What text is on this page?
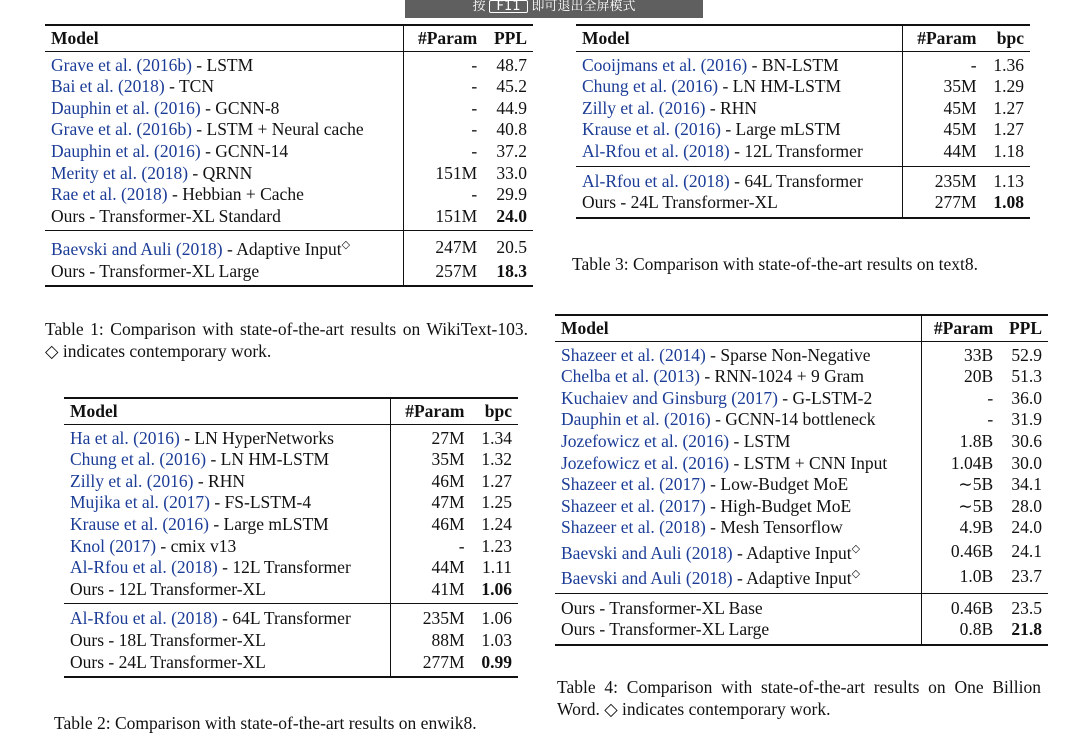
按 F11 即可退出全屏模式
Model	#Param	PPL
Grave et al. (2016b) - LSTM	-	48.7
Bai et al. (2018) - TCN	-	45.2
Dauphin et al. (2016) - GCNN-8	-	44.9
Grave et al. (2016b) - LSTM + Neural cache	-	40.8
Dauphin et al. (2016) - GCNN-14	-	37.2
Merity et al. (2018) - QRNN	151M	33.0
Rae et al. (2018) - Hebbian + Cache	-	29.9
Ours - Transformer-XL Standard	151M	24.0
Baevski and Auli (2018) - Adaptive Input◇	247M	20.5
Ours - Transformer-XL Large	257M	18.3
Table 1: Comparison with state-of-the-art results on WikiText-103. ◇ indicates contemporary work.
Model	#Param	bpc
Ha et al. (2016) - LN HyperNetworks	27M	1.34
Chung et al. (2016) - LN HM-LSTM	35M	1.32
Zilly et al. (2016) - RHN	46M	1.27
Mujika et al. (2017) - FS-LSTM-4	47M	1.25
Krause et al. (2016) - Large mLSTM	46M	1.24
Knol (2017) - cmix v13	-	1.23
Al-Rfou et al. (2018) - 12L Transformer	44M	1.11
Ours - 12L Transformer-XL	41M	1.06
Al-Rfou et al. (2018) - 64L Transformer	235M	1.06
Ours - 18L Transformer-XL	88M	1.03
Ours - 24L Transformer-XL	277M	0.99
Table 2: Comparison with state-of-the-art results on enwik8.
Model	#Param	bpc
Cooijmans et al. (2016) - BN-LSTM	-	1.36
Chung et al. (2016) - LN HM-LSTM	35M	1.29
Zilly et al. (2016) - RHN	45M	1.27
Krause et al. (2016) - Large mLSTM	45M	1.27
Al-Rfou et al. (2018) - 12L Transformer	44M	1.18
Al-Rfou et al. (2018) - 64L Transformer	235M	1.13
Ours - 24L Transformer-XL	277M	1.08
Table 3: Comparison with state-of-the-art results on text8.
Model	#Param	PPL
Shazeer et al. (2014) - Sparse Non-Negative	33B	52.9
Chelba et al. (2013) - RNN-1024 + 9 Gram	20B	51.3
Kuchaiev and Ginsburg (2017) - G-LSTM-2	-	36.0
Dauphin et al. (2016) - GCNN-14 bottleneck	-	31.9
Jozefowicz et al. (2016) - LSTM	1.8B	30.6
Jozefowicz et al. (2016) - LSTM + CNN Input	1.04B	30.0
Shazeer et al. (2017) - Low-Budget MoE	∼5B	34.1
Shazeer et al. (2017) - High-Budget MoE	∼5B	28.0
Shazeer et al. (2018) - Mesh Tensorflow	4.9B	24.0
Baevski and Auli (2018) - Adaptive Input◇	0.46B	24.1
Baevski and Auli (2018) - Adaptive Input◇	1.0B	23.7
Ours - Transformer-XL Base	0.46B	23.5
Ours - Transformer-XL Large	0.8B	21.8
Table 4: Comparison with state-of-the-art results on One Billion Word. ◇ indicates contemporary work.
